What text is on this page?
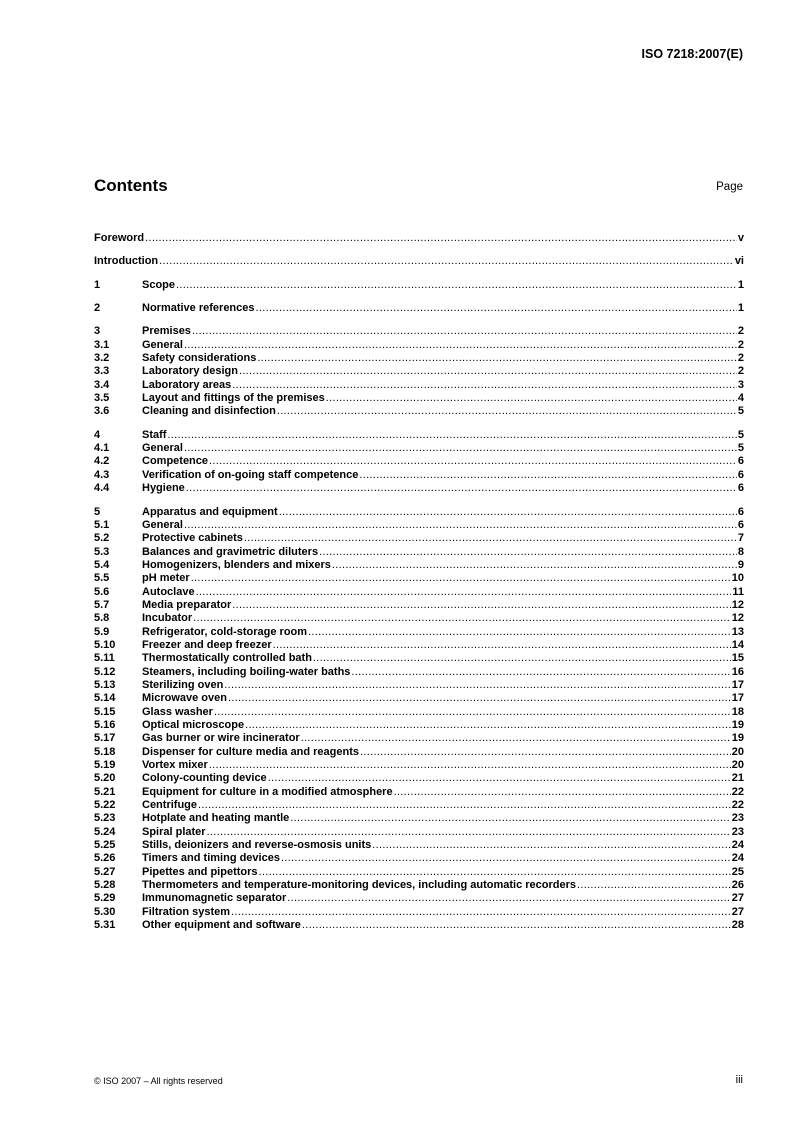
ISO 7218:2007(E)
Contents	Page
Foreword .....	v
Introduction .....	vi
1	Scope .....	1
2	Normative references .....	1
3	Premises .....	2
3.1	General .....	2
3.2	Safety considerations .....	2
3.3	Laboratory design .....	2
3.4	Laboratory areas .....	3
3.5	Layout and fittings of the premises .....	4
3.6	Cleaning and disinfection .....	5
4	Staff .....	5
4.1	General .....	5
4.2	Competence .....	6
4.3	Verification of on-going staff competence .....	6
4.4	Hygiene .....	6
5	Apparatus and equipment .....	6
5.1	General .....	6
5.2	Protective cabinets .....	7
5.3	Balances and gravimetric diluters .....	8
5.4	Homogenizers, blenders and mixers .....	9
5.5	pH meter .....	10
5.6	Autoclave .....	11
5.7	Media preparator .....	12
5.8	Incubator .....	12
5.9	Refrigerator, cold-storage room .....	13
5.10	Freezer and deep freezer .....	14
5.11	Thermostatically controlled bath .....	15
5.12	Steamers, including boiling-water baths .....	16
5.13	Sterilizing oven .....	17
5.14	Microwave oven .....	17
5.15	Glass washer .....	18
5.16	Optical microscope .....	19
5.17	Gas burner or wire incinerator .....	19
5.18	Dispenser for culture media and reagents .....	20
5.19	Vortex mixer .....	20
5.20	Colony-counting device .....	21
5.21	Equipment for culture in a modified atmosphere .....	22
5.22	Centrifuge .....	22
5.23	Hotplate and heating mantle .....	23
5.24	Spiral plater .....	23
5.25	Stills, deionizers and reverse-osmosis units .....	24
5.26	Timers and timing devices .....	24
5.27	Pipettes and pipettors .....	25
5.28	Thermometers and temperature-monitoring devices, including automatic recorders .....	26
5.29	Immunomagnetic separator .....	27
5.30	Filtration system .....	27
5.31	Other equipment and software .....	28
© ISO 2007 – All rights reserved	iii
